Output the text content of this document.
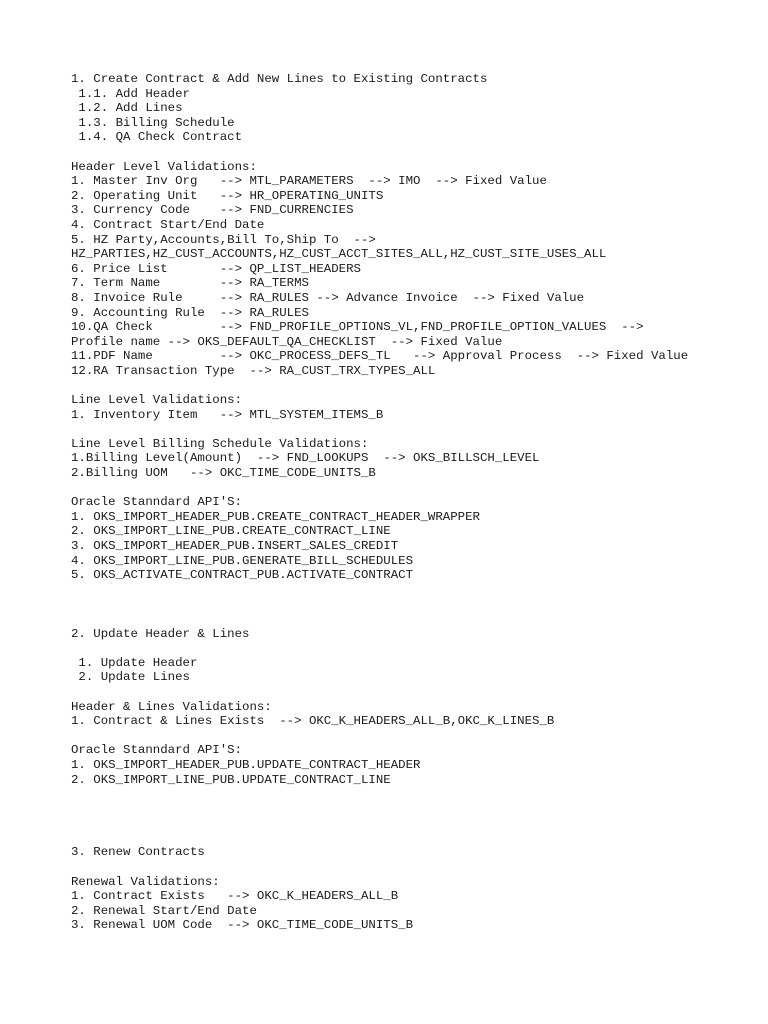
1. Create Contract & Add New Lines to Existing Contracts
1.1. Add Header
1.2. Add Lines
1.3. Billing Schedule
1.4. QA Check Contract
Header Level Validations:
1. Master Inv Org   --> MTL_PARAMETERS  --> IMO  --> Fixed Value
2. Operating Unit   --> HR_OPERATING_UNITS
3. Currency Code    --> FND_CURRENCIES
4. Contract Start/End Date
5. HZ Party,Accounts,Bill To,Ship To  -->
HZ_PARTIES,HZ_CUST_ACCOUNTS,HZ_CUST_ACCT_SITES_ALL,HZ_CUST_SITE_USES_ALL
6. Price List       --> QP_LIST_HEADERS
7. Term Name        --> RA_TERMS
8. Invoice Rule     --> RA_RULES --> Advance Invoice  --> Fixed Value
9. Accounting Rule  --> RA_RULES
10.QA Check         --> FND_PROFILE_OPTIONS_VL,FND_PROFILE_OPTION_VALUES  -->
Profile name --> OKS_DEFAULT_QA_CHECKLIST  --> Fixed Value
11.PDF Name         --> OKC_PROCESS_DEFS_TL   --> Approval Process  --> Fixed Value
12.RA Transaction Type  --> RA_CUST_TRX_TYPES_ALL
Line Level Validations:
1. Inventory Item   --> MTL_SYSTEM_ITEMS_B
Line Level Billing Schedule Validations:
1.Billing Level(Amount)  --> FND_LOOKUPS  --> OKS_BILLSCH_LEVEL
2.Billing UOM   --> OKC_TIME_CODE_UNITS_B
Oracle Stanndard API'S:
1. OKS_IMPORT_HEADER_PUB.CREATE_CONTRACT_HEADER_WRAPPER
2. OKS_IMPORT_LINE_PUB.CREATE_CONTRACT_LINE
3. OKS_IMPORT_HEADER_PUB.INSERT_SALES_CREDIT
4. OKS_IMPORT_LINE_PUB.GENERATE_BILL_SCHEDULES
5. OKS_ACTIVATE_CONTRACT_PUB.ACTIVATE_CONTRACT
2. Update Header & Lines
1. Update Header
2. Update Lines
Header & Lines Validations:
1. Contract & Lines Exists  --> OKC_K_HEADERS_ALL_B,OKC_K_LINES_B
Oracle Stanndard API'S:
1. OKS_IMPORT_HEADER_PUB.UPDATE_CONTRACT_HEADER
2. OKS_IMPORT_LINE_PUB.UPDATE_CONTRACT_LINE
3. Renew Contracts
Renewal Validations:
1. Contract Exists   --> OKC_K_HEADERS_ALL_B
2. Renewal Start/End Date
3. Renewal UOM Code  --> OKC_TIME_CODE_UNITS_B
